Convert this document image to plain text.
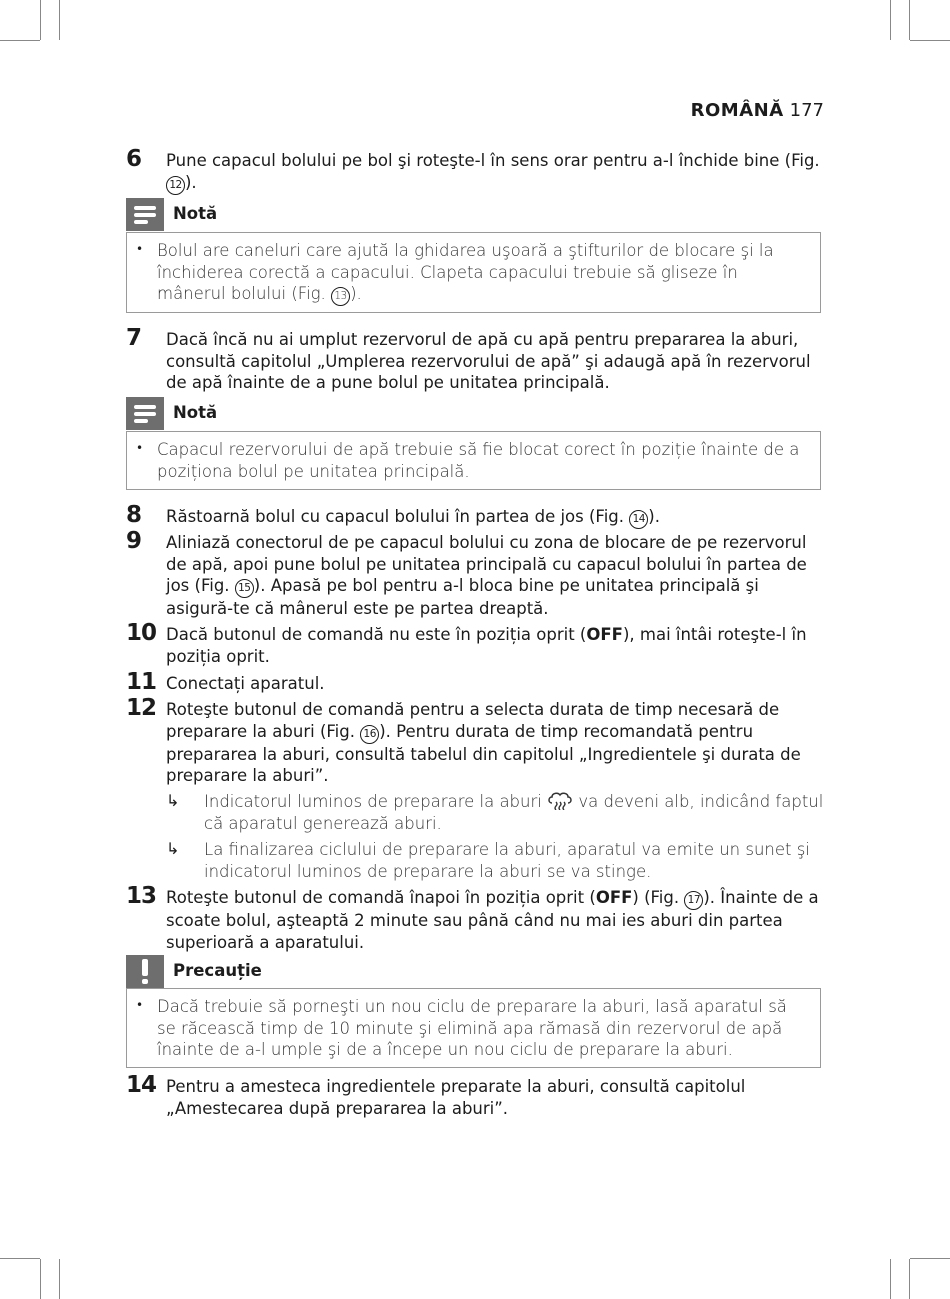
ROMÂNĂ 177
6 Pune capacul bolului pe bol şi roteşte-l în sens orar pentru a-l închide bine (Fig. 12 ).
Notă
• Bolul are caneluri care ajută la ghidarea uşoară a ştifturilor de blocare şi la închiderea corectă a capacului. Clapeta capacului trebuie să gliseze în mânerul bolului (Fig. 13 ).
7 Dacă încă nu ai umplut rezervorul de apă cu apă pentru prepararea la aburi, consultă capitolul „Umplerea rezervorului de apă” şi adaugă apă în rezervorul de apă înainte de a pune bolul pe unitatea principală.
Notă
• Capacul rezervorului de apă trebuie să fie blocat corect în poziție înainte de a poziționa bolul pe unitatea principală.
8 Răstoarnă bolul cu capacul bolului în partea de jos (Fig. 14 ).
9 Aliniază conectorul de pe capacul bolului cu zona de blocare de pe rezervorul de apă, apoi pune bolul pe unitatea principală cu capacul bolului în partea de jos (Fig. 15 ). Apasă pe bol pentru a-l bloca bine pe unitatea principală şi asigură-te că mânerul este pe partea dreaptă.
10 Dacă butonul de comandă nu este în poziția oprit (OFF), mai întâi roteşte-l în poziția oprit.
11 Conectați aparatul.
12 Roteşte butonul de comandă pentru a selecta durata de timp necesară de preparare la aburi (Fig. 16 ). Pentru durata de timp recomandată pentru prepararea la aburi, consultă tabelul din capitolul „Ingredientele şi durata de preparare la aburi”.
↳ Indicatorul luminos de preparare la aburi  va deveni alb, indicând faptul că aparatul generează aburi.
↳ La finalizarea ciclului de preparare la aburi, aparatul va emite un sunet şi indicatorul luminos de preparare la aburi se va stinge.
13 Roteşte butonul de comandă înapoi în poziția oprit (OFF) (Fig. 17 ). Înainte de a scoate bolul, aşteaptă 2 minute sau până când nu mai ies aburi din partea superioară a aparatului.
Precauție
• Dacă trebuie să porneşti un nou ciclu de preparare la aburi, lasă aparatul să se răcească timp de 10 minute şi elimină apa rămasă din rezervorul de apă înainte de a-l umple şi de a începe un nou ciclu de preparare la aburi.
14 Pentru a amesteca ingredientele preparate la aburi, consultă capitolul „Amestecarea după prepararea la aburi”.
